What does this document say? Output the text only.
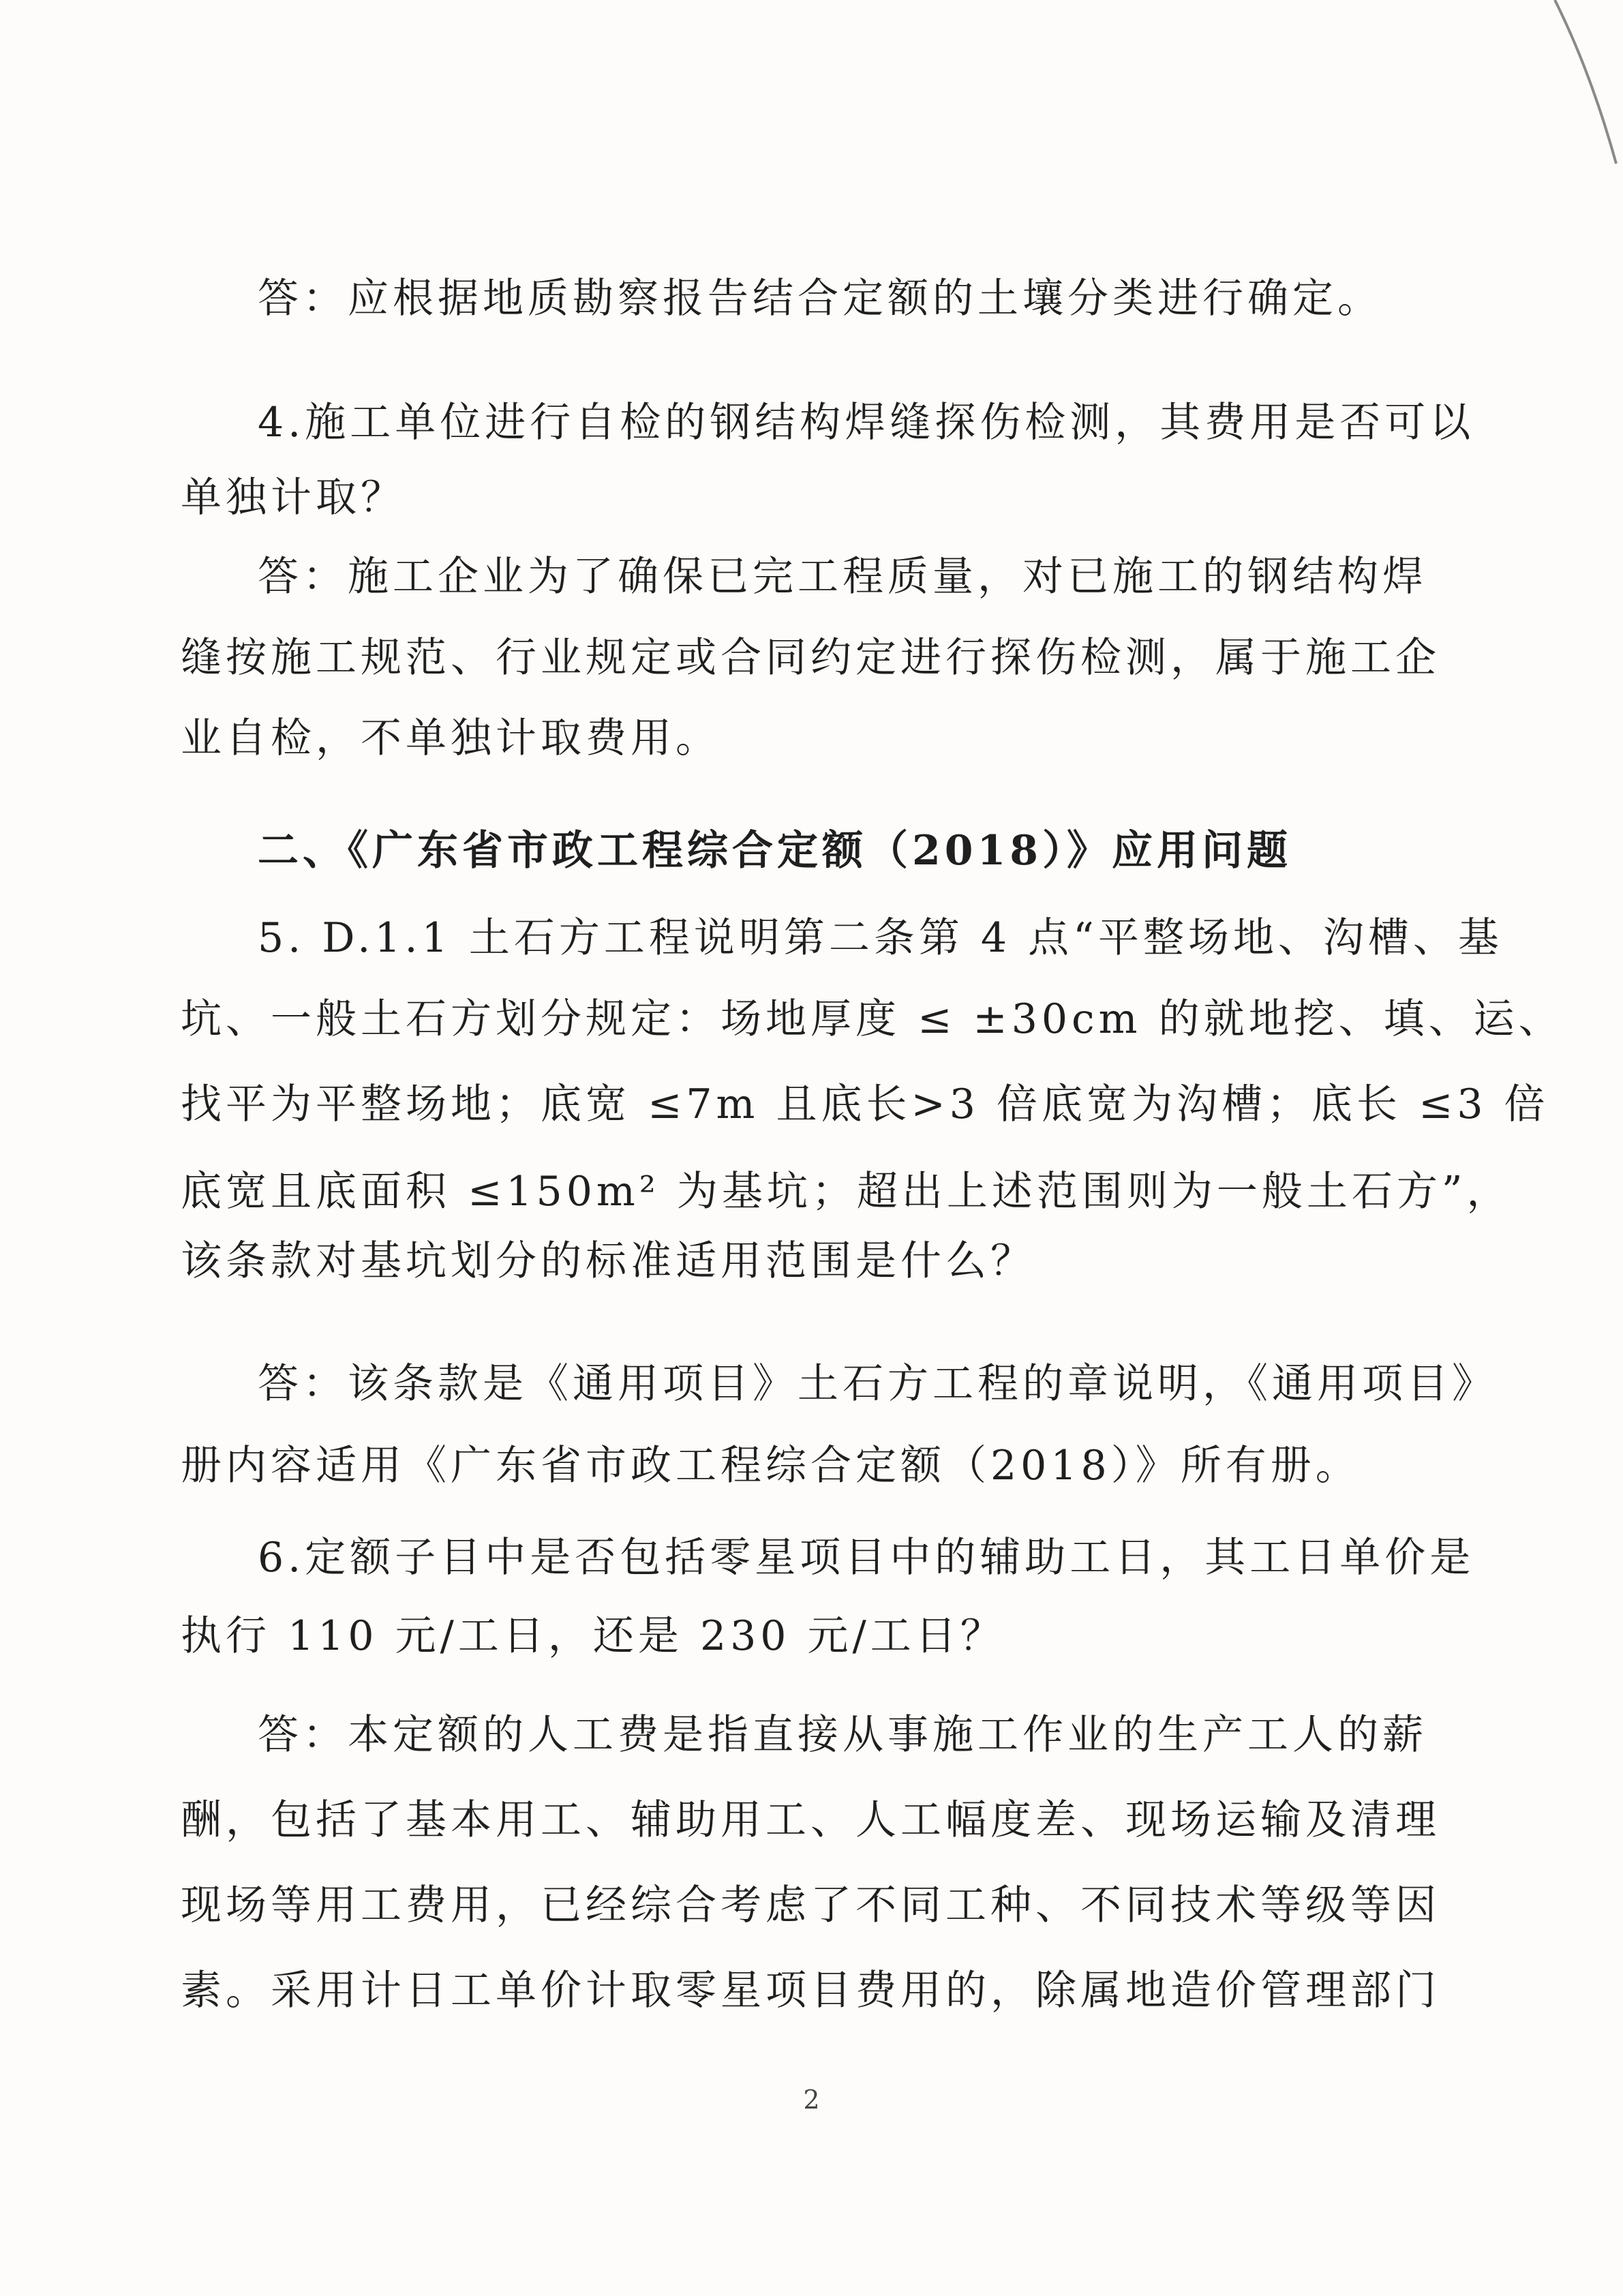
答：应根据地质勘察报告结合定额的土壤分类进行确定。
4.施工单位进行自检的钢结构焊缝探伤检测，其费用是否可以
单独计取？
答：施工企业为了确保已完工程质量，对已施工的钢结构焊
缝按施工规范、行业规定或合同约定进行探伤检测，属于施工企
业自检，不单独计取费用。
二、《广东省市政工程综合定额（2018）》应用问题
5. D.1.1 土石方工程说明第二条第 4 点“平整场地、沟槽、基
坑、一般土石方划分规定：场地厚度 ≤ ±30cm 的就地挖、填、运、
找平为平整场地；底宽 ≤7m 且底长>3 倍底宽为沟槽；底长 ≤3 倍
底宽且底面积 ≤150m² 为基坑；超出上述范围则为一般土石方”，
该条款对基坑划分的标准适用范围是什么？
答：该条款是《通用项目》土石方工程的章说明，《通用项目》
册内容适用《广东省市政工程综合定额（2018）》所有册。
6.定额子目中是否包括零星项目中的辅助工日，其工日单价是
执行 110 元/工日，还是 230 元/工日？
答：本定额的人工费是指直接从事施工作业的生产工人的薪
酬，包括了基本用工、辅助用工、人工幅度差、现场运输及清理
现场等用工费用，已经综合考虑了不同工种、不同技术等级等因
素。采用计日工单价计取零星项目费用的，除属地造价管理部门
2
